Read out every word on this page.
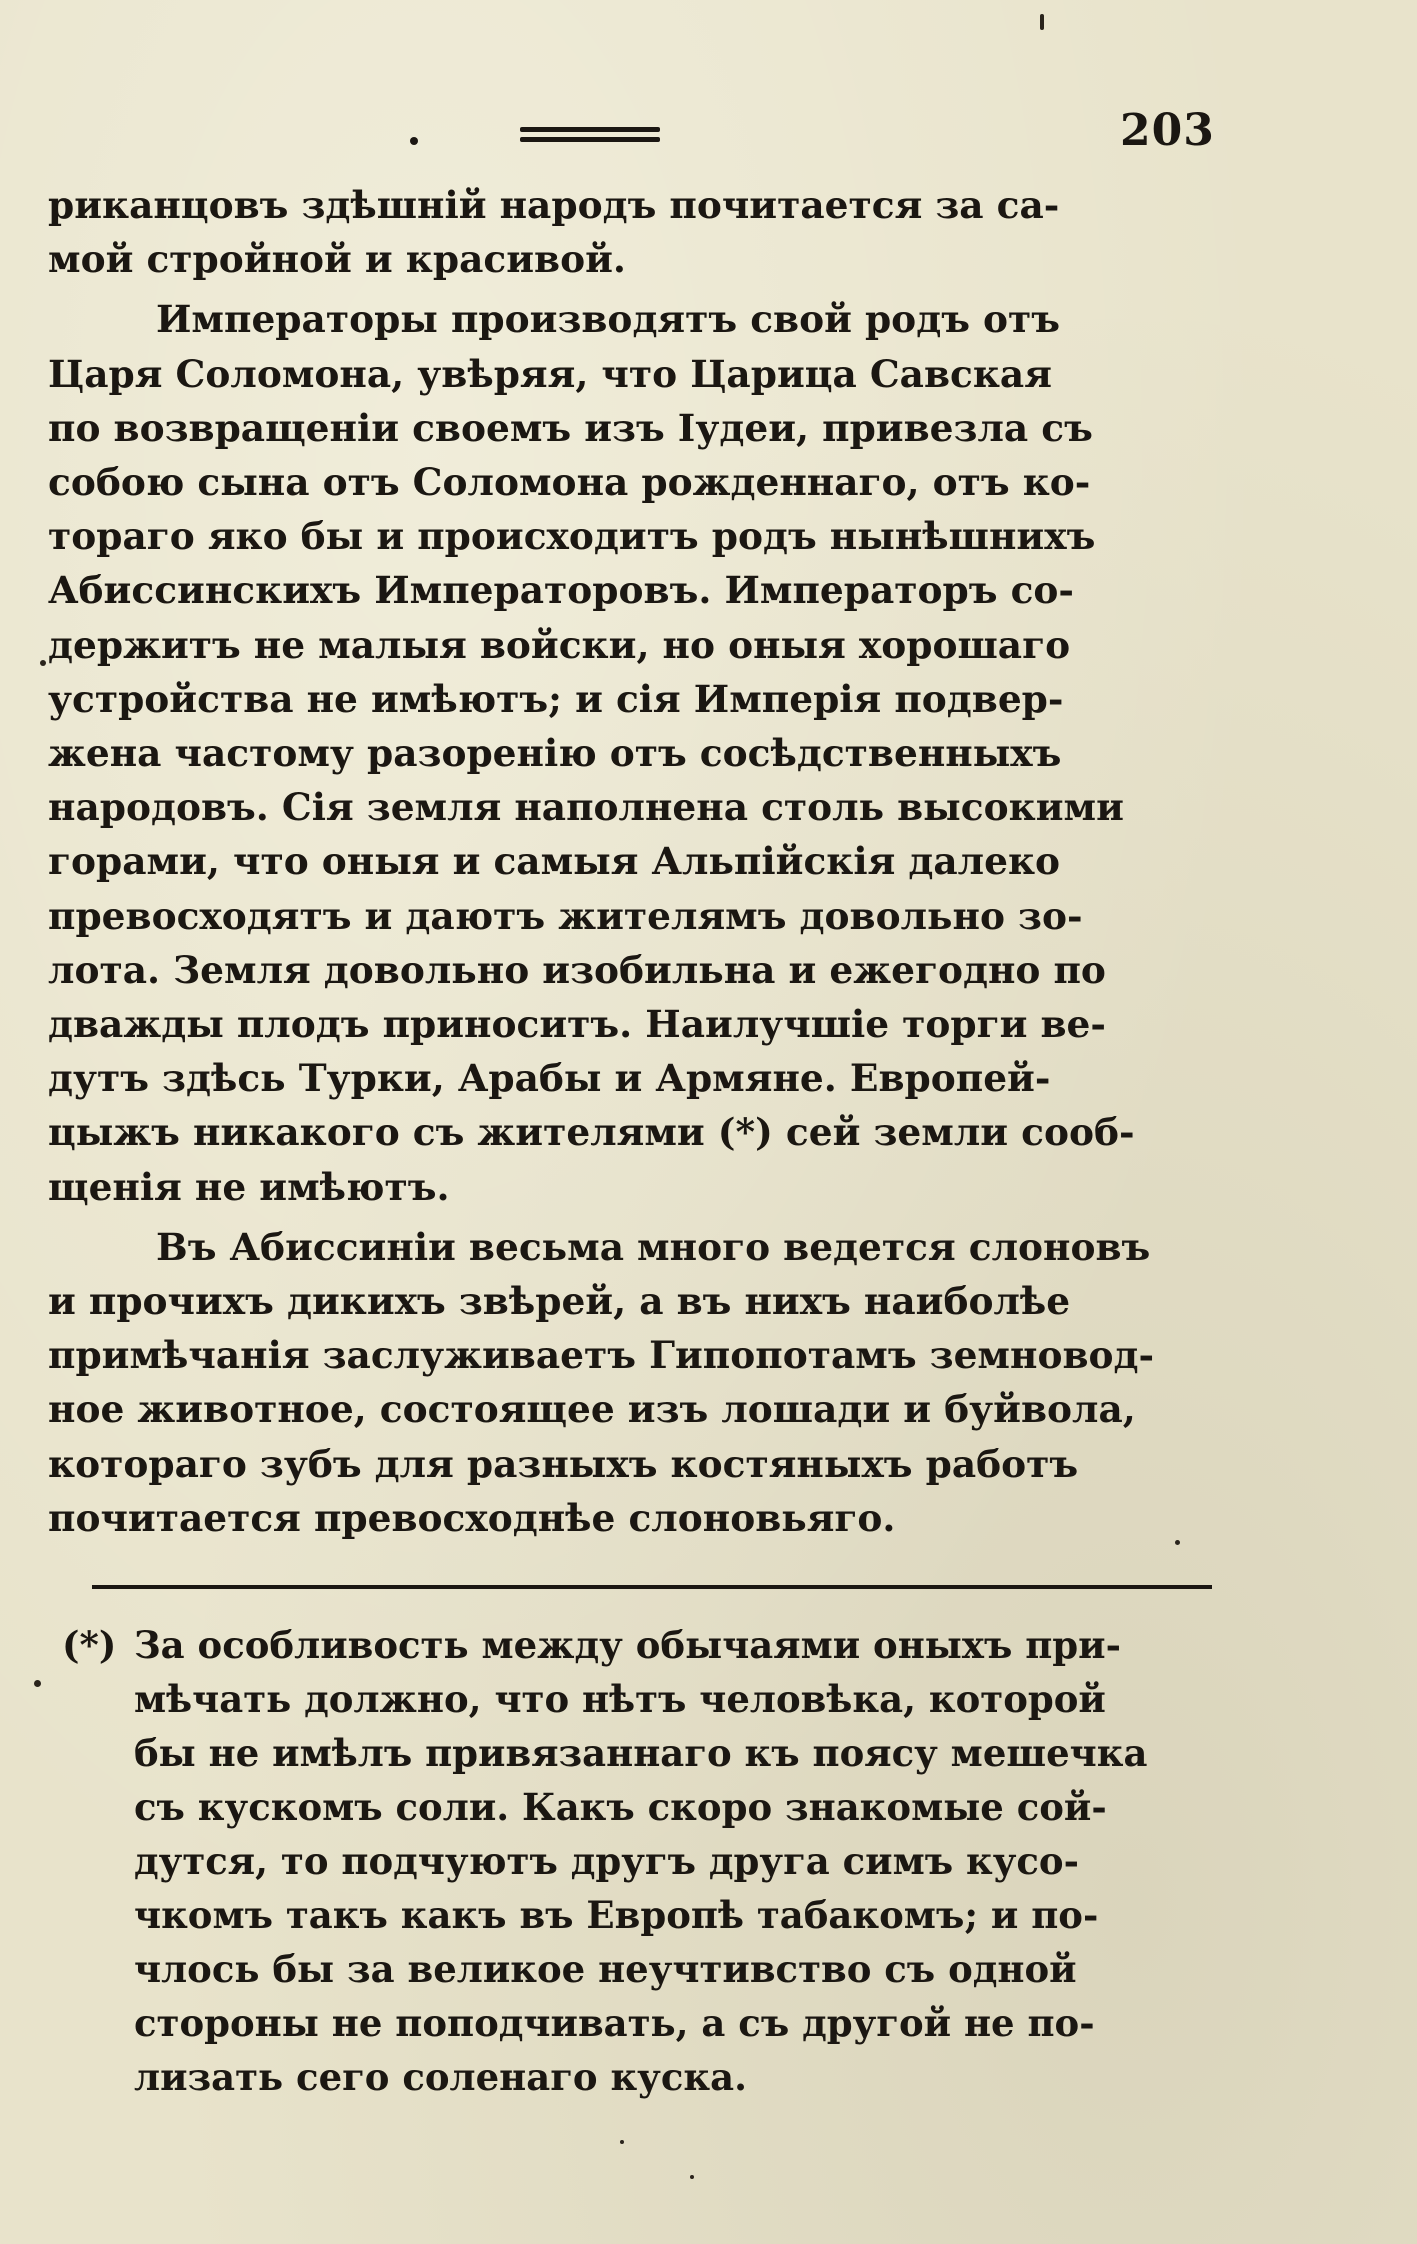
203

риканцовъ здѣшнiй народъ почитается за са-
мой стройной и красивой.

Императоры производятъ свой родъ отъ
Царя Соломона, увѣряя, что Царица Савская
по возвращенiи своемъ изъ Iудеи, привезла съ
собою сына отъ Соломона рожденнаго, отъ ко-
тораго яко бы и происходитъ родъ нынѣшнихъ
Абиссинскихъ Императоровъ. Императоръ со-
держитъ не малыя войски, но оныя хорошаго
устройства не имѣютъ; и сiя Имперiя подвер-
жена частому разоренiю отъ сосѣдственныхъ
народовъ. Сiя земля наполнена столь высокими
горами, что оныя и самыя Альпiйскiя далеко
превосходятъ и даютъ жителямъ довольно зо-
лота. Земля довольно изобильна и ежегодно по
дважды плодъ приноситъ. Наилучшie торги ве-
дутъ здѣсь Турки, Арабы и Армяне. Европей-
цыжъ никакого съ жителями (*) сей земли сооб-
щенiя не имѣютъ.

Въ Абиссинiи весьма много ведется слоновъ
и прочихъ дикихъ звѣрей, а въ нихъ наиболѣе
примѣчанiя заслуживаетъ Гипопотамъ земновод-
ное животное, состоящее изъ лошади и буйвола,
котораго зубъ для разныхъ костяныхъ работъ
почитается превосходнѣе слоновьяго.

(*) За особливость между обычаями оныхъ при-
мѣчать должно, что нѣтъ человѣка, которой
бы не имѣлъ привязаннаго къ поясу мешечка
съ кускомъ соли. Какъ скоро знакомые сой-
дутся, то подчуютъ другъ друга симъ кусо-
чкомъ такъ какъ въ Европѣ табакомъ; и по-
члось бы за великое неучтивство съ одной
стороны не поподчивать, а съ другой не по-
лизать сего соленаго куска.
